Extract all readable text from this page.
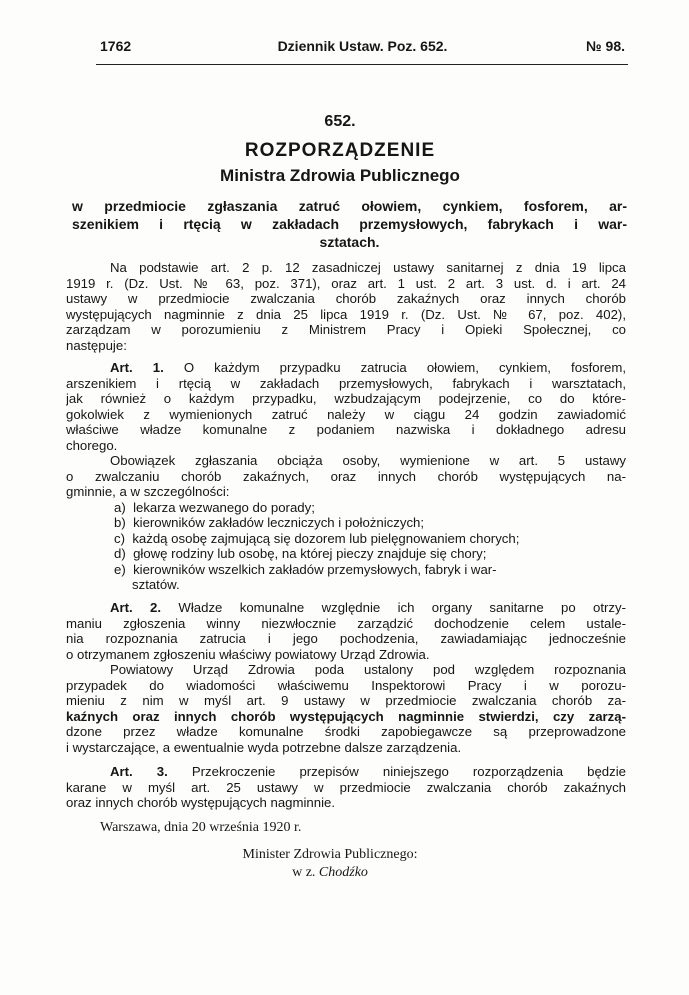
1762	Dziennik Ustaw. Poz. 652.	№ 98.
652.
ROZPORZĄDZENIE
Ministra Zdrowia Publicznego
w przedmiocie zgłaszania zatruć ołowiem, cynkiem, fosforem, ar-
szenikiem i rtęcią w zakładach przemysłowych, fabrykach i war-
sztatach.
Na podstawie art. 2 p. 12 zasadniczej ustawy sanitarnej z dnia 19 lipca
1919 r. (Dz. Ust. № 63, poz. 371), oraz art. 1 ust. 2 art. 3 ust. d. i art. 24
ustawy w przedmiocie zwalczania chorób zakaźnych oraz innych chorób
występujących nagminnie z dnia 25 lipca 1919 r. (Dz. Ust. № 67, poz. 402),
zarządzam w porozumieniu z Ministrem Pracy i Opieki Społecznej, co
następuje:
Art. 1. O każdym przypadku zatrucia ołowiem, cynkiem, fosforem,
arszenikiem i rtęcią w zakładach przemysłowych, fabrykach i warsztatach,
jak również o każdym przypadku, wzbudzającym podejrzenie, co do które-
gokolwiek z wymienionych zatruć należy w ciągu 24 godzin zawiadomić
właściwe władze komunalne z podaniem nazwiska i dokładnego adresu
chorego.
Obowiązek zgłaszania obciąża osoby, wymienione w art. 5 ustawy
o zwalczaniu chorób zakaźnych, oraz innych chorób występujących na-
gminnie, a w szczególności:
a) lekarza wezwanego do porady;
b) kierowników zakładów leczniczych i położniczych;
c) każdą osobę zajmującą się dozorem lub pielęgnowaniem chorych;
d) głowę rodziny lub osobę, na której pieczy znajduje się chory;
e) kierowników wszelkich zakładów przemysłowych, fabryk i war-
sztatów.
Art. 2. Władze komunalne względnie ich organy sanitarne po otrzy-
maniu zgłoszenia winny niezwłocznie zarządzić dochodzenie celem ustale-
nia rozpoznania zatrucia i jego pochodzenia, zawiadamiając jednocześnie
o otrzymanem zgłoszeniu właściwy powiatowy Urząd Zdrowia.
Powiatowy Urząd Zdrowia poda ustalony pod względem rozpoznania
przypadek do wiadomości właściwemu Inspektorowi Pracy i w porozu-
mieniu z nim w myśl art. 9 ustawy w przedmiocie zwalczania chorób za-
kaźnych oraz innych chorób występujących nagminnie stwierdzi, czy zarzą-
dzone przez władze komunalne środki zapobiegawcze są przeprowadzone
i wystarczające, a ewentualnie wyda potrzebne dalsze zarządzenia.
Art. 3. Przekroczenie przepisów niniejszego rozporządzenia będzie
karane w myśl art. 25 ustawy w przedmiocie zwalczania chorób zakaźnych
oraz innych chorób występujących nagminnie.
Warszawa, dnia 20 września 1920 r.
Minister Zdrowia Publicznego:
w z. Chodźko
